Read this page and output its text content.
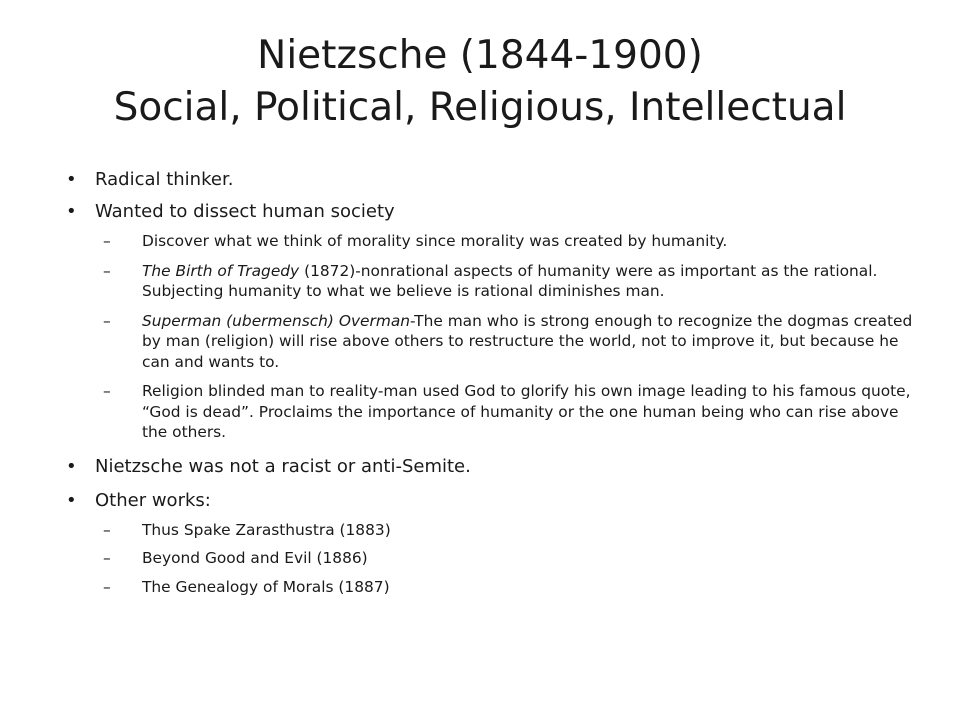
Nietzsche (1844-1900)
Social, Political, Religious, Intellectual
• Radical thinker.
• Wanted to dissect human society
– Discover what we think of morality since morality was created by humanity.
– The Birth of Tragedy (1872)-nonrational aspects of humanity were as important as the rational. Subjecting humanity to what we believe is rational diminishes man.
– Superman (ubermensch) Overman-The man who is strong enough to recognize the dogmas created by man (religion) will rise above others to restructure the world, not to improve it, but because he can and wants to.
– Religion blinded man to reality-man used God to glorify his own image leading to his famous quote, “God is dead”. Proclaims the importance of humanity or the one human being who can rise above the others.
• Nietzsche was not a racist or anti-Semite.
• Other works:
– Thus Spake Zarasthustra (1883)
– Beyond Good and Evil (1886)
– The Genealogy of Morals (1887)
